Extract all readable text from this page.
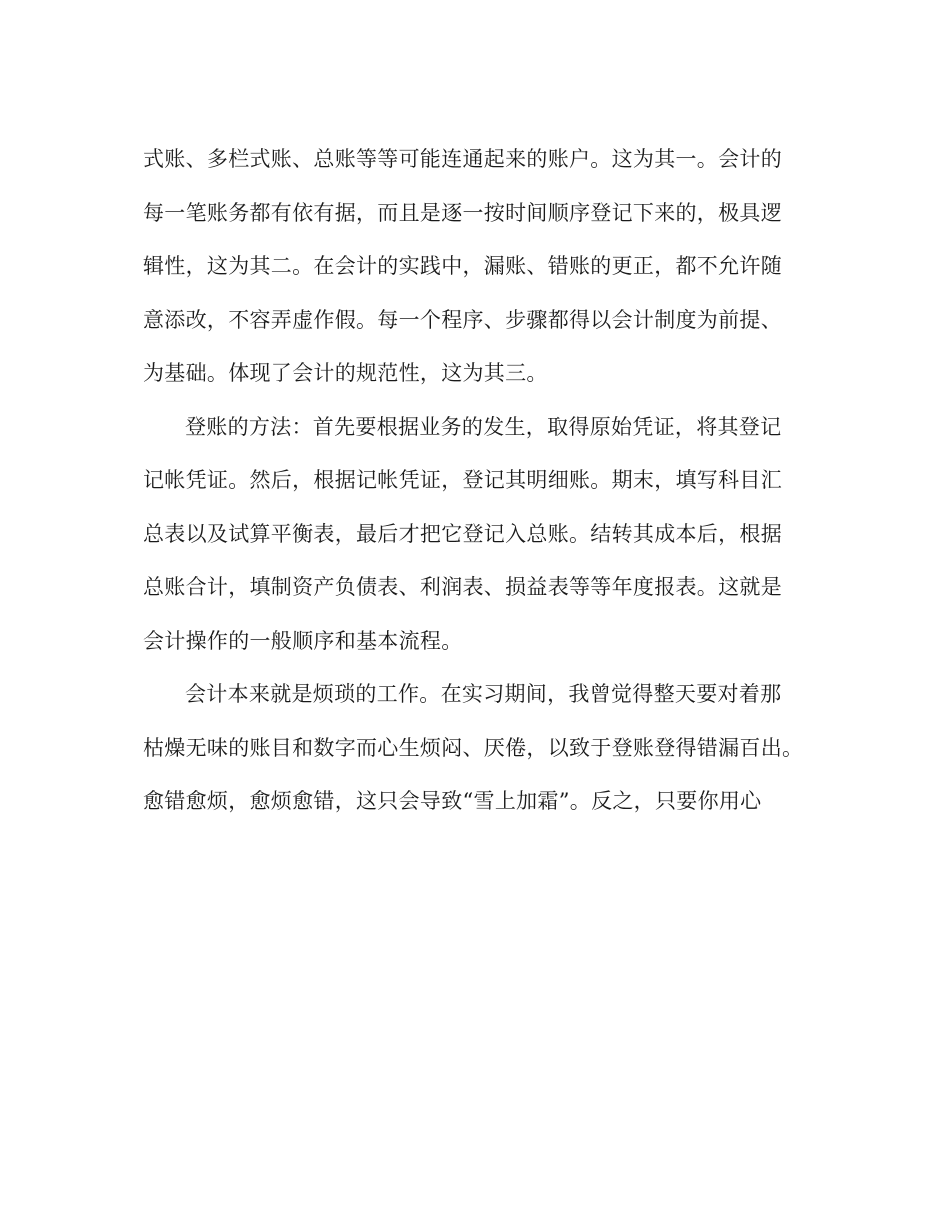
式账、多栏式账、总账等等可能连通起来的账户。这为其一。会计的
每一笔账务都有依有据，而且是逐一按时间顺序登记下来的，极具逻
辑性，这为其二。在会计的实践中，漏账、错账的更正，都不允许随
意添改，不容弄虚作假。每一个程序、步骤都得以会计制度为前提、
为基础。体现了会计的规范性，这为其三。
登账的方法：首先要根据业务的发生，取得原始凭证，将其登记
记帐凭证。然后，根据记帐凭证，登记其明细账。期末，填写科目汇
总表以及试算平衡表，最后才把它登记入总账。结转其成本后，根据
总账合计，填制资产负债表、利润表、损益表等等年度报表。这就是
会计操作的一般顺序和基本流程。
会计本来就是烦琐的工作。在实习期间，我曾觉得整天要对着那
枯燥无味的账目和数字而心生烦闷、厌倦，以致于登账登得错漏百出。
愈错愈烦，愈烦愈错，这只会导致“雪上加霜”。反之，只要你用心
